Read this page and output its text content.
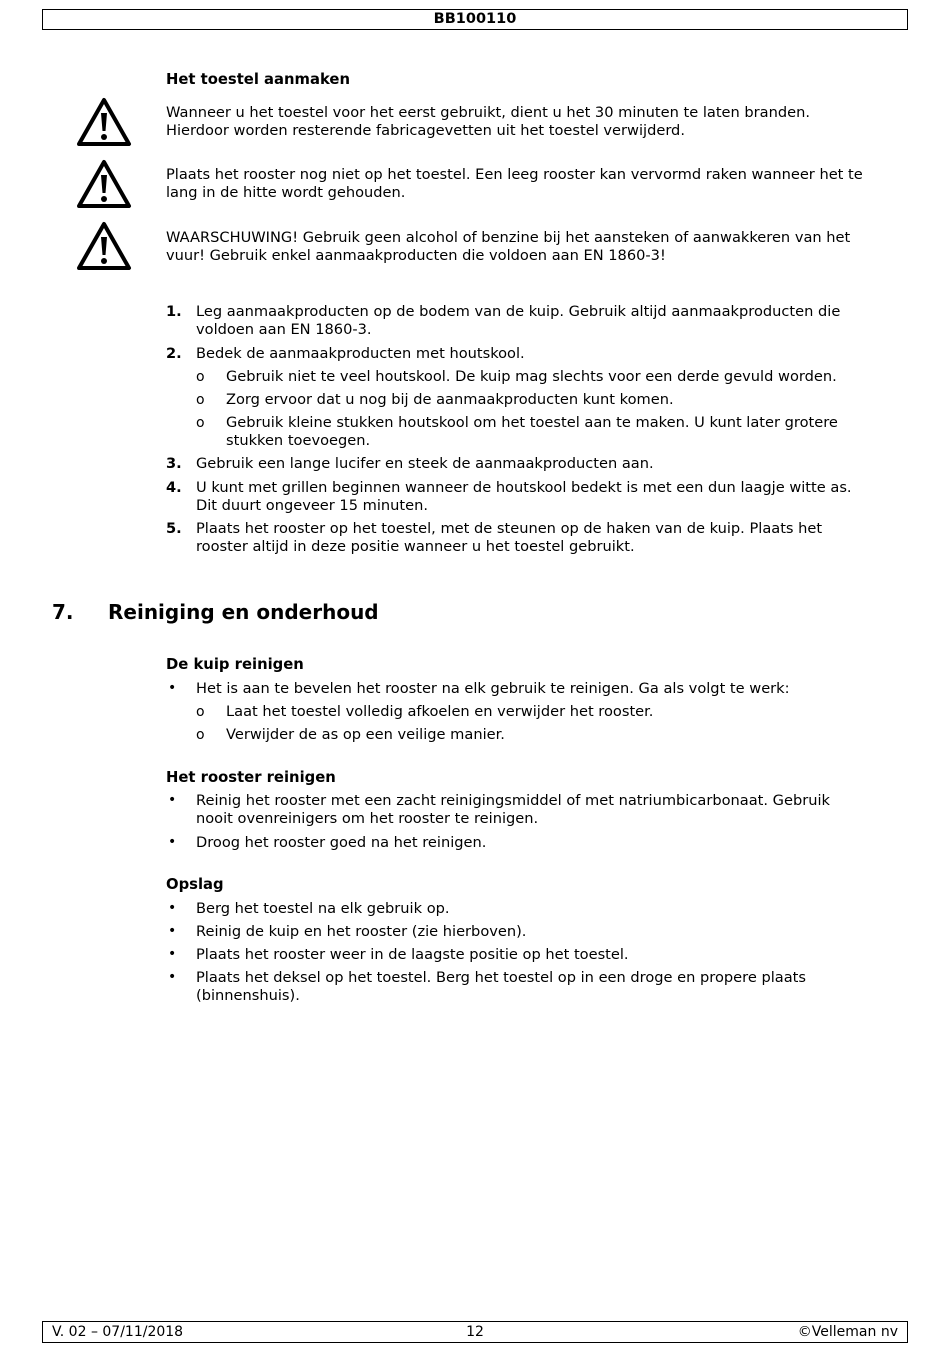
BB100110
Het toestel aanmaken
Wanneer u het toestel voor het eerst gebruikt, dient u het 30 minuten te laten branden.
Hierdoor worden resterende fabricagevetten uit het toestel verwijderd.
Plaats het rooster nog niet op het toestel. Een leeg rooster kan vervormd raken wanneer het te
lang in de hitte wordt gehouden.
WAARSCHUWING! Gebruik geen alcohol of benzine bij het aansteken of aanwakkeren van het
vuur! Gebruik enkel aanmaakproducten die voldoen aan EN 1860-3!
1. Leg aanmaakproducten op de bodem van de kuip. Gebruik altijd aanmaakproducten die
voldoen aan EN 1860-3.
2. Bedek de aanmaakproducten met houtskool.
o Gebruik niet te veel houtskool. De kuip mag slechts voor een derde gevuld worden.
o Zorg ervoor dat u nog bij de aanmaakproducten kunt komen.
o Gebruik kleine stukken houtskool om het toestel aan te maken. U kunt later grotere
stukken toevoegen.
3. Gebruik een lange lucifer en steek de aanmaakproducten aan.
4. U kunt met grillen beginnen wanneer de houtskool bedekt is met een dun laagje witte as.
Dit duurt ongeveer 15 minuten.
5. Plaats het rooster op het toestel, met de steunen op de haken van de kuip. Plaats het
rooster altijd in deze positie wanneer u het toestel gebruikt.
7. Reiniging en onderhoud
De kuip reinigen
• Het is aan te bevelen het rooster na elk gebruik te reinigen. Ga als volgt te werk:
o Laat het toestel volledig afkoelen en verwijder het rooster.
o Verwijder de as op een veilige manier.
Het rooster reinigen
• Reinig het rooster met een zacht reinigingsmiddel of met natriumbicarbonaat. Gebruik
nooit ovenreinigers om het rooster te reinigen.
• Droog het rooster goed na het reinigen.
Opslag
• Berg het toestel na elk gebruik op.
• Reinig de kuip en het rooster (zie hierboven).
• Plaats het rooster weer in de laagste positie op het toestel.
• Plaats het deksel op het toestel. Berg het toestel op in een droge en propere plaats
(binnenshuis).
V. 02 – 07/11/2018	12	©Velleman nv
